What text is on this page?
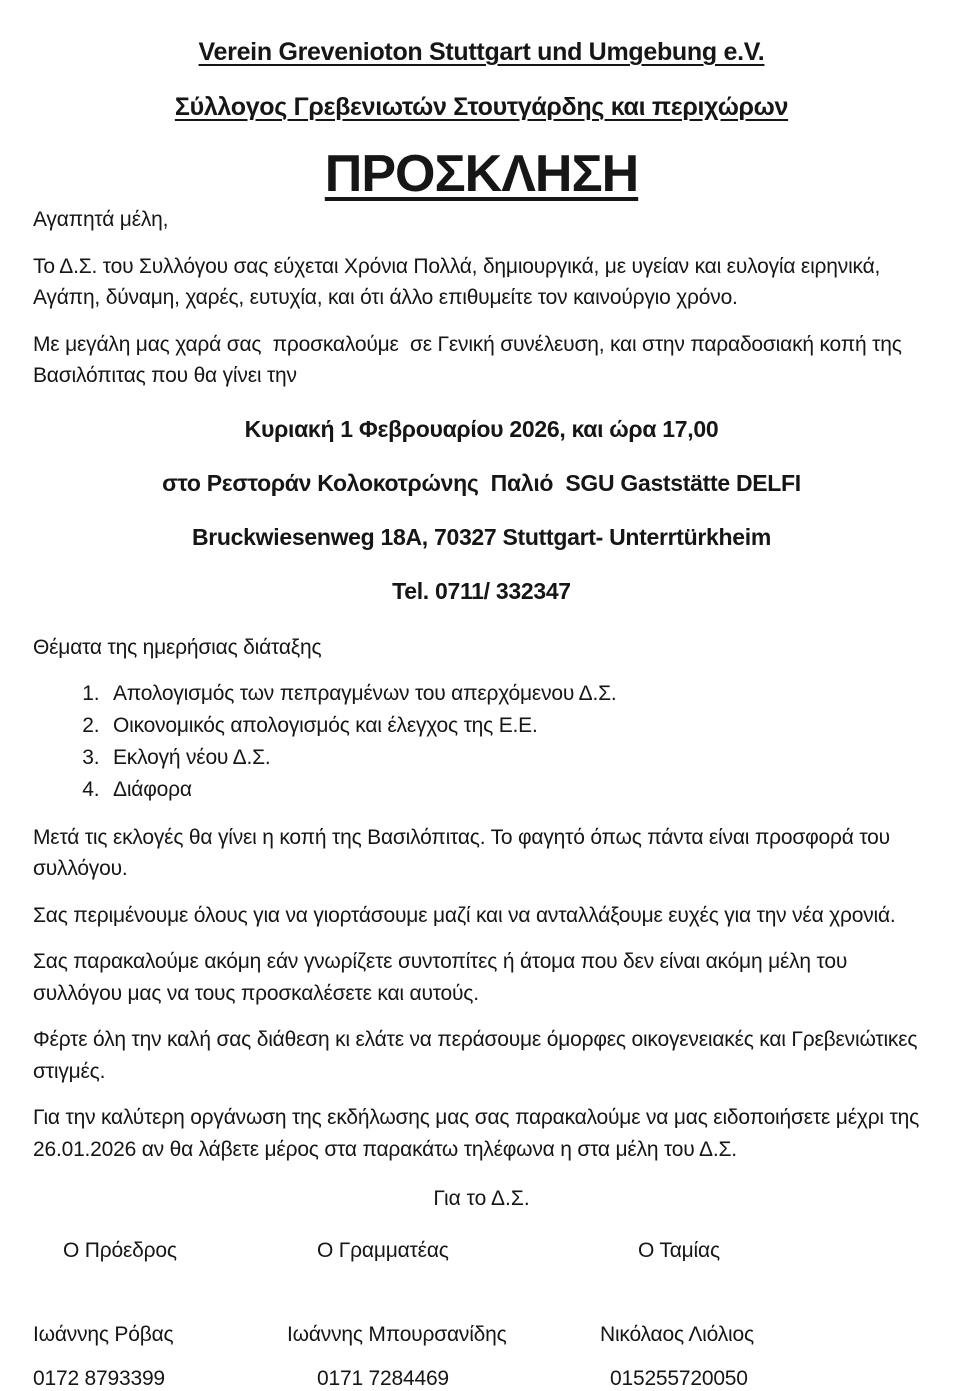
Verein Grevenioton Stuttgart und Umgebung e.V.
Σύλλογος Γρεβενιωτών Στουτγάρδης και περιχώρων
ΠΡΟΣΚΛΗΣΗ

Αγαπητά μέλη,

Το Δ.Σ. του Συλλόγου σας εύχεται Χρόνια Πολλά, δημιουργικά, με υγείαν και ευλογία ειρηνικά, Αγάπη, δύναμη, χαρές, ευτυχία, και ότι άλλο επιθυμείτε τον καινούργιο χρόνο.

Με μεγάλη μας χαρά σας  προσκαλούμε  σε Γενική συνέλευση, και στην παραδοσιακή κοπή της Βασιλόπιτας που θα γίνει την

Κυριακή 1 Φεβρουαρίου 2026, και ώρα 17,00
στο Ρεστοράν Κολοκοτρώνης  Παλιό  SGU Gaststätte DELFI
Bruckwiesenweg 18A, 70327 Stuttgart- Unterrtürkheim
Tel. 0711/ 332347

Θέματα της ημερήσιας διάταξης

1. Απολογισμός των πεπραγμένων του απερχόμενου Δ.Σ.
2. Οικονομικός απολογισμός και έλεγχος της Ε.Ε.
3. Εκλογή νέου Δ.Σ.
4. Διάφορα

Μετά τις εκλογές θα γίνει η κοπή της Βασιλόπιτας. Το φαγητό όπως πάντα είναι προσφορά του συλλόγου.

Σας περιμένουμε όλους για να γιορτάσουμε μαζί και να ανταλλάξουμε ευχές για την νέα χρονιά.

Σας παρακαλούμε ακόμη εάν γνωρίζετε συντοπίτες ή άτομα που δεν είναι ακόμη μέλη του συλλόγου μας να τους προσκαλέσετε και αυτούς.

Φέρτε όλη την καλή σας διάθεση κι ελάτε να περάσουμε όμορφες οικογενειακές και Γρεβενιώτικες στιγμές.

Για την καλύτερη οργάνωση της εκδήλωσης μας σας παρακαλούμε να μας ειδοποιήσετε μέχρι της 26.01.2026 αν θα λάβετε μέρος στα παρακάτω τηλέφωνα η στα μέλη του Δ.Σ.

Για το Δ.Σ.

Ο Πρόεδρος
Ιωάννης Ρόβας
0172 8793399
Ο Γραμματέας
Ιωάννης Μπουρσανίδης
0171 7284469
Ο Ταμίας
Νικόλαος Λιόλιος
015255720050
